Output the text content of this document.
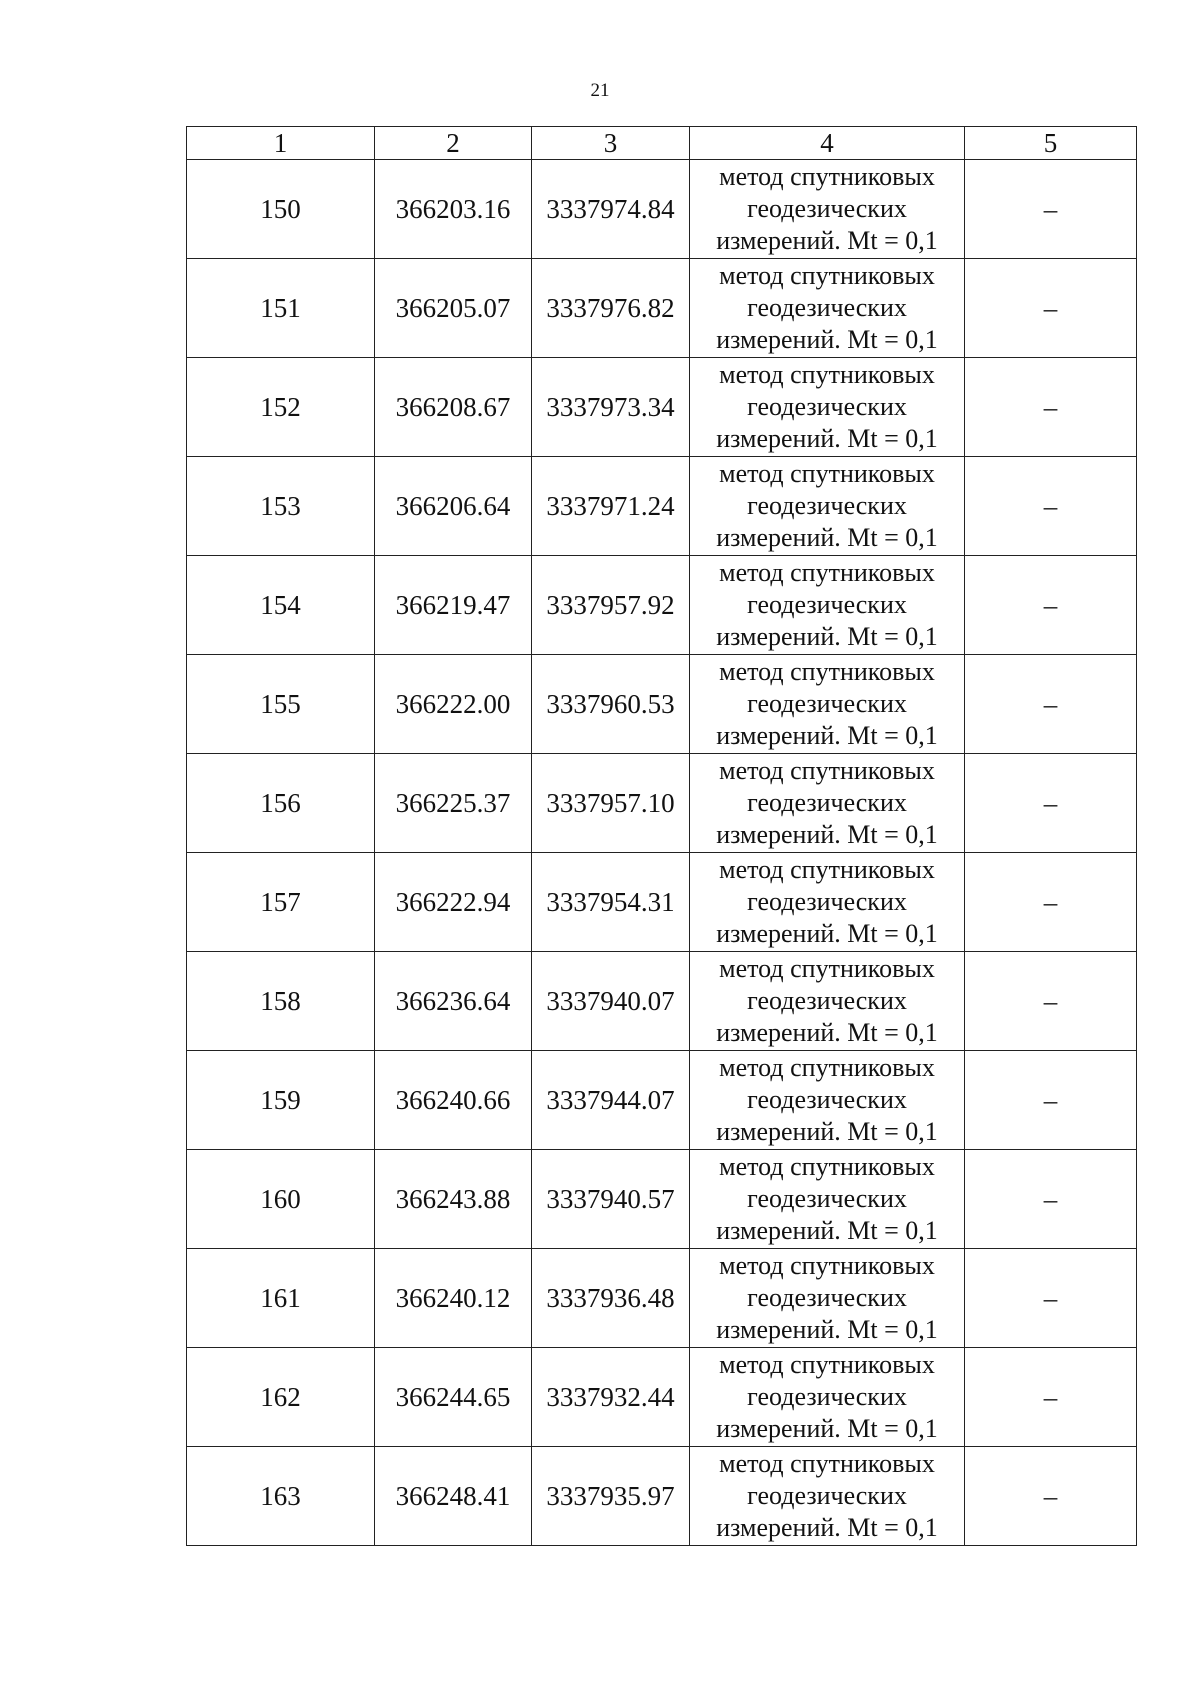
21
1	2	3	4	5
150	366203.16	3337974.84	метод спутниковых
геодезических
измерений. Mt = 0,1	–
151	366205.07	3337976.82	метод спутниковых
геодезических
измерений. Mt = 0,1	–
152	366208.67	3337973.34	метод спутниковых
геодезических
измерений. Mt = 0,1	–
153	366206.64	3337971.24	метод спутниковых
геодезических
измерений. Mt = 0,1	–
154	366219.47	3337957.92	метод спутниковых
геодезических
измерений. Mt = 0,1	–
155	366222.00	3337960.53	метод спутниковых
геодезических
измерений. Mt = 0,1	–
156	366225.37	3337957.10	метод спутниковых
геодезических
измерений. Mt = 0,1	–
157	366222.94	3337954.31	метод спутниковых
геодезических
измерений. Mt = 0,1	–
158	366236.64	3337940.07	метод спутниковых
геодезических
измерений. Mt = 0,1	–
159	366240.66	3337944.07	метод спутниковых
геодезических
измерений. Mt = 0,1	–
160	366243.88	3337940.57	метод спутниковых
геодезических
измерений. Mt = 0,1	–
161	366240.12	3337936.48	метод спутниковых
геодезических
измерений. Mt = 0,1	–
162	366244.65	3337932.44	метод спутниковых
геодезических
измерений. Mt = 0,1	–
163	366248.41	3337935.97	метод спутниковых
геодезических
измерений. Mt = 0,1	–
